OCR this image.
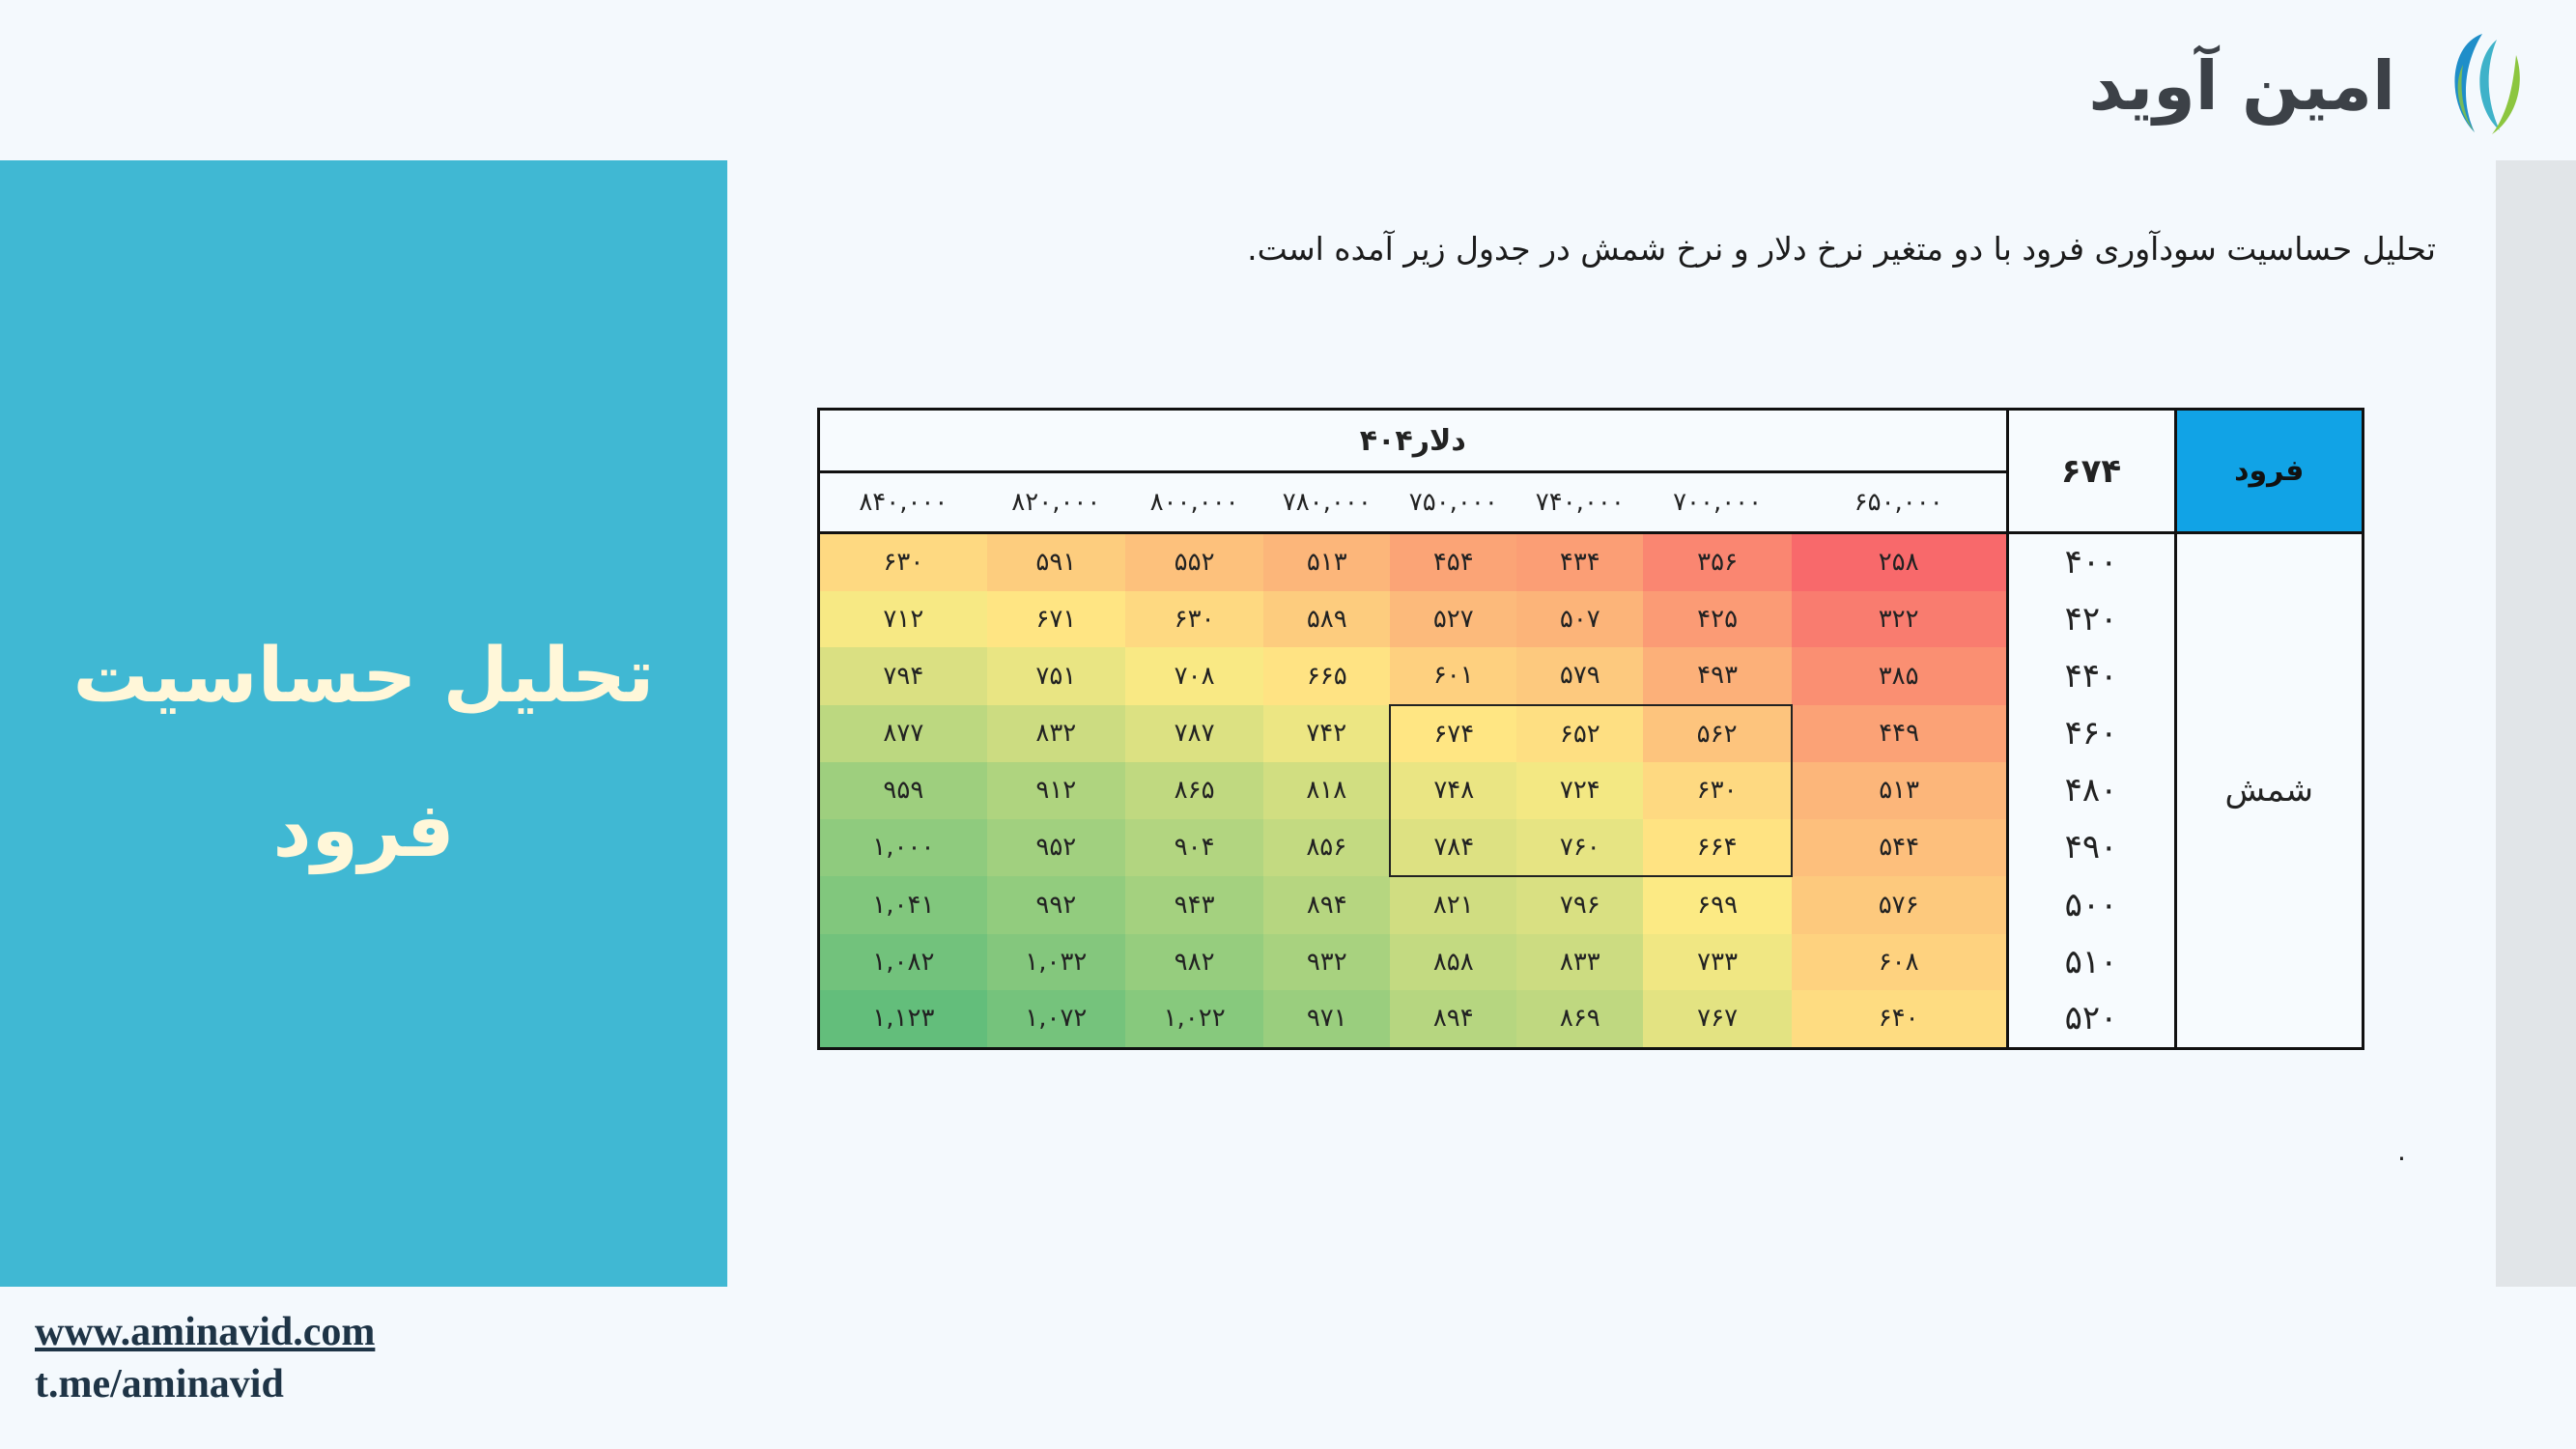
تحلیل حساسیت
فرود
امین آوید
تحلیل حساسیت سودآوری فرود با دو متغیر نرخ دلار و نرخ شمش در جدول زیر آمده است.
فرود	۶۷۴	دلار۴۰۴							
		۶۵۰,۰۰۰	۷۰۰,۰۰۰	۷۴۰,۰۰۰	۷۵۰,۰۰۰	۷۸۰,۰۰۰	۸۰۰,۰۰۰	۸۲۰,۰۰۰	۸۴۰,۰۰۰
شمش	۴۰۰	۲۵۸	۳۵۶	۴۳۴	۴۵۴	۵۱۳	۵۵۲	۵۹۱	۶۳۰
	۴۲۰	۳۲۲	۴۲۵	۵۰۷	۵۲۷	۵۸۹	۶۳۰	۶۷۱	۷۱۲
	۴۴۰	۳۸۵	۴۹۳	۵۷۹	۶۰۱	۶۶۵	۷۰۸	۷۵۱	۷۹۴
	۴۶۰	۴۴۹	۵۶۲	۶۵۲	۶۷۴	۷۴۲	۷۸۷	۸۳۲	۸۷۷
	۴۸۰	۵۱۳	۶۳۰	۷۲۴	۷۴۸	۸۱۸	۸۶۵	۹۱۲	۹۵۹
	۴۹۰	۵۴۴	۶۶۴	۷۶۰	۷۸۴	۸۵۶	۹۰۴	۹۵۲	۱,۰۰۰
	۵۰۰	۵۷۶	۶۹۹	۷۹۶	۸۲۱	۸۹۴	۹۴۳	۹۹۲	۱,۰۴۱
	۵۱۰	۶۰۸	۷۳۳	۸۳۳	۸۵۸	۹۳۲	۹۸۲	۱,۰۳۲	۱,۰۸۲
	۵۲۰	۶۴۰	۷۶۷	۸۶۹	۸۹۴	۹۷۱	۱,۰۲۲	۱,۰۷۲	۱,۱۲۳
.
www.aminavid.com
t.me/aminavid
